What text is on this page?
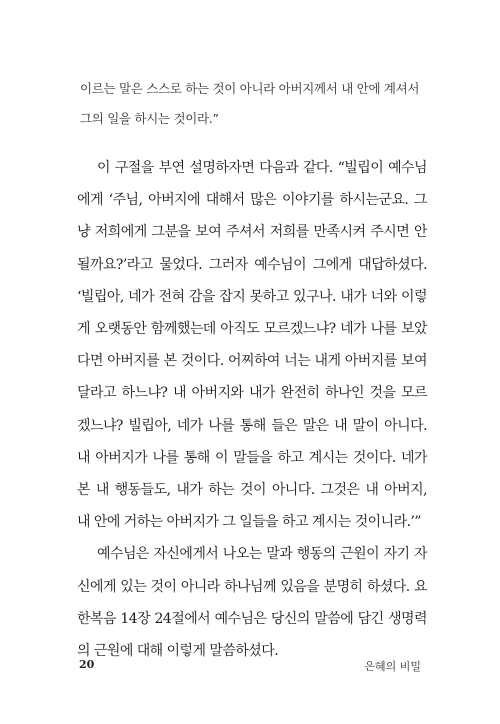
이르는 말은 스스로 하는 것이 아니라 아버지께서 내 안에 계셔서
그의 일을 하시는 것이라.”
이 구절을 부연 설명하자면 다음과 같다. “빌립이 예수님
에게 ‘주님, 아버지에 대해서 많은 이야기를 하시는군요. 그
냥 저희에게 그분을 보여 주셔서 저희를 만족시켜 주시면 안
될까요?’라고 물었다. 그러자 예수님이 그에게 대답하셨다.
‘빌립아, 네가 전혀 감을 잡지 못하고 있구나. 내가 너와 이렇
게 오랫동안 함께했는데 아직도 모르겠느냐? 네가 나를 보았
다면 아버지를 본 것이다. 어찌하여 너는 내게 아버지를 보여
달라고 하느냐? 내 아버지와 내가 완전히 하나인 것을 모르
겠느냐? 빌립아, 네가 나를 통해 들은 말은 내 말이 아니다.
내 아버지가 나를 통해 이 말들을 하고 계시는 것이다. 네가
본 내 행동들도, 내가 하는 것이 아니다. 그것은 내 아버지,
내 안에 거하는 아버지가 그 일들을 하고 계시는 것이니라.’”
예수님은 자신에게서 나오는 말과 행동의 근원이 자기 자
신에게 있는 것이 아니라 하나님께 있음을 분명히 하셨다. 요
한복음 14장 24절에서 예수님은 당신의 말씀에 담긴 생명력
의 근원에 대해 이렇게 말씀하셨다.
20	은혜의 비밀
